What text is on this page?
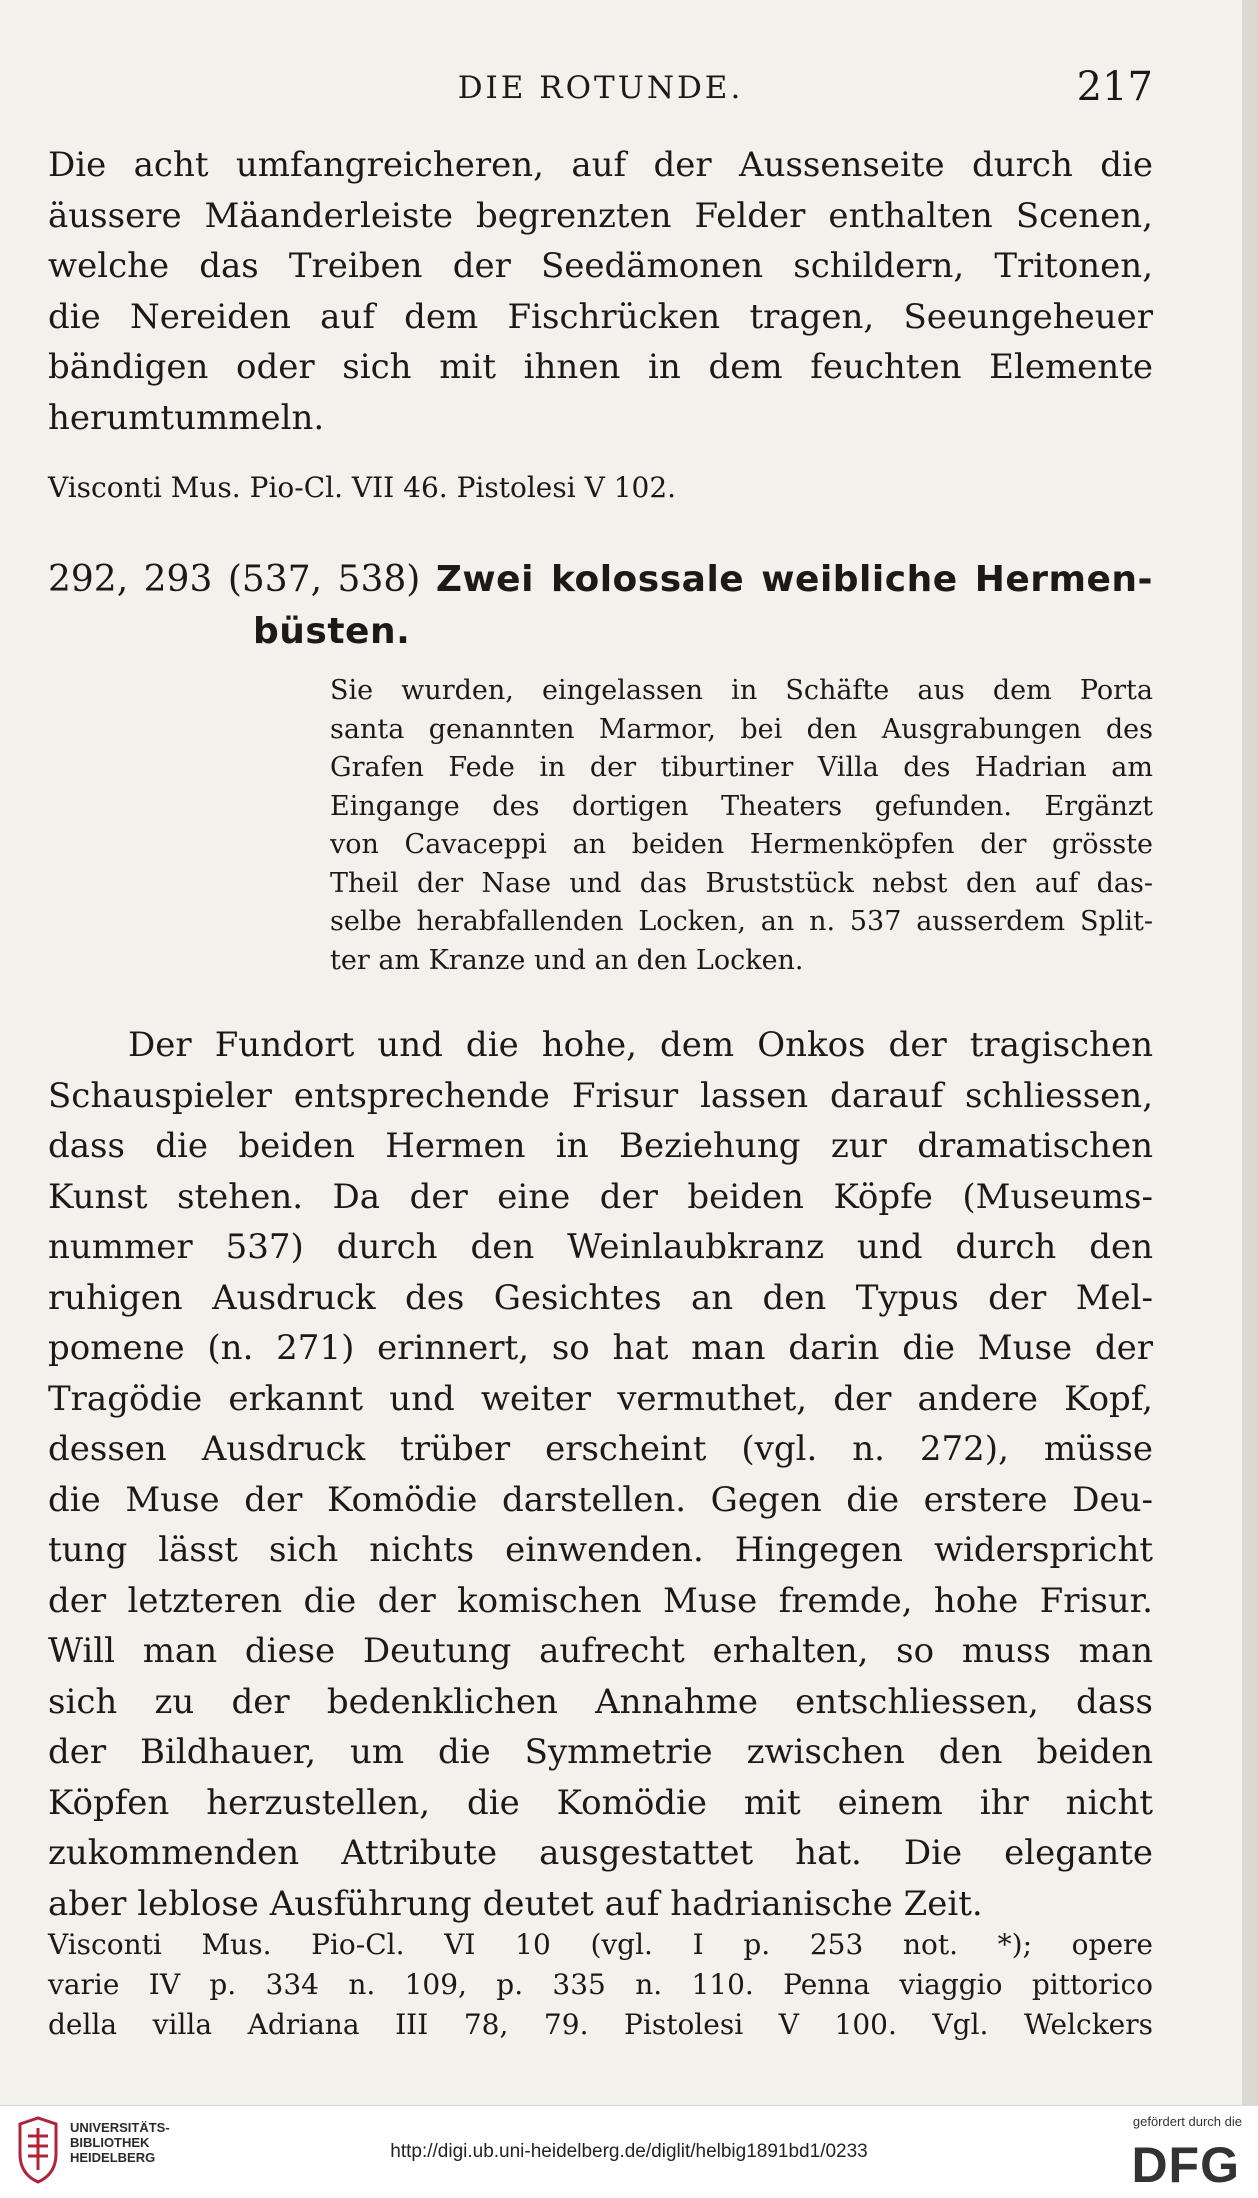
DIE ROTUNDE.	217
Die acht umfangreicheren, auf der Aussenseite durch die
äussere Mäanderleiste begrenzten Felder enthalten Scenen,
welche das Treiben der Seedämonen schildern, Tritonen,
die Nereiden auf dem Fischrücken tragen, Seeungeheuer
bändigen oder sich mit ihnen in dem feuchten Elemente
herumtummeln.
Visconti Mus. Pio-Cl. VII 46. Pistolesi V 102.
292, 293 (537, 538) Zwei kolossale weibliche Hermen-
büsten.
Sie wurden, eingelassen in Schäfte aus dem Porta
santa genannten Marmor, bei den Ausgrabungen des
Grafen Fede in der tiburtiner Villa des Hadrian am
Eingange des dortigen Theaters gefunden. Ergänzt
von Cavaceppi an beiden Hermenköpfen der grösste
Theil der Nase und das Bruststück nebst den auf das-
selbe herabfallenden Locken, an n. 537 ausserdem Split-
ter am Kranze und an den Locken.
Der Fundort und die hohe, dem Onkos der tragischen
Schauspieler entsprechende Frisur lassen darauf schliessen,
dass die beiden Hermen in Beziehung zur dramatischen
Kunst stehen. Da der eine der beiden Köpfe (Museums-
nummer 537) durch den Weinlaubkranz und durch den
ruhigen Ausdruck des Gesichtes an den Typus der Mel-
pomene (n. 271) erinnert, so hat man darin die Muse der
Tragödie erkannt und weiter vermuthet, der andere Kopf,
dessen Ausdruck trüber erscheint (vgl. n. 272), müsse
die Muse der Komödie darstellen. Gegen die erstere Deu-
tung lässt sich nichts einwenden. Hingegen widerspricht
der letzteren die der komischen Muse fremde, hohe Frisur.
Will man diese Deutung aufrecht erhalten, so muss man
sich zu der bedenklichen Annahme entschliessen, dass
der Bildhauer, um die Symmetrie zwischen den beiden
Köpfen herzustellen, die Komödie mit einem ihr nicht
zukommenden Attribute ausgestattet hat. Die elegante
aber leblose Ausführung deutet auf hadrianische Zeit.
Visconti Mus. Pio-Cl. VI 10 (vgl. I p. 253 not. *); opere
varie IV p. 334 n. 109, p. 335 n. 110. Penna viaggio pittorico
della villa Adriana III 78, 79. Pistolesi V 100. Vgl. Welckers
UNIVERSITÄTS-
BIBLIOTHEK
HEIDELBERG	http://digi.ub.uni-heidelberg.de/diglit/helbig1891bd1/0233
gefördert durch die
DFG
